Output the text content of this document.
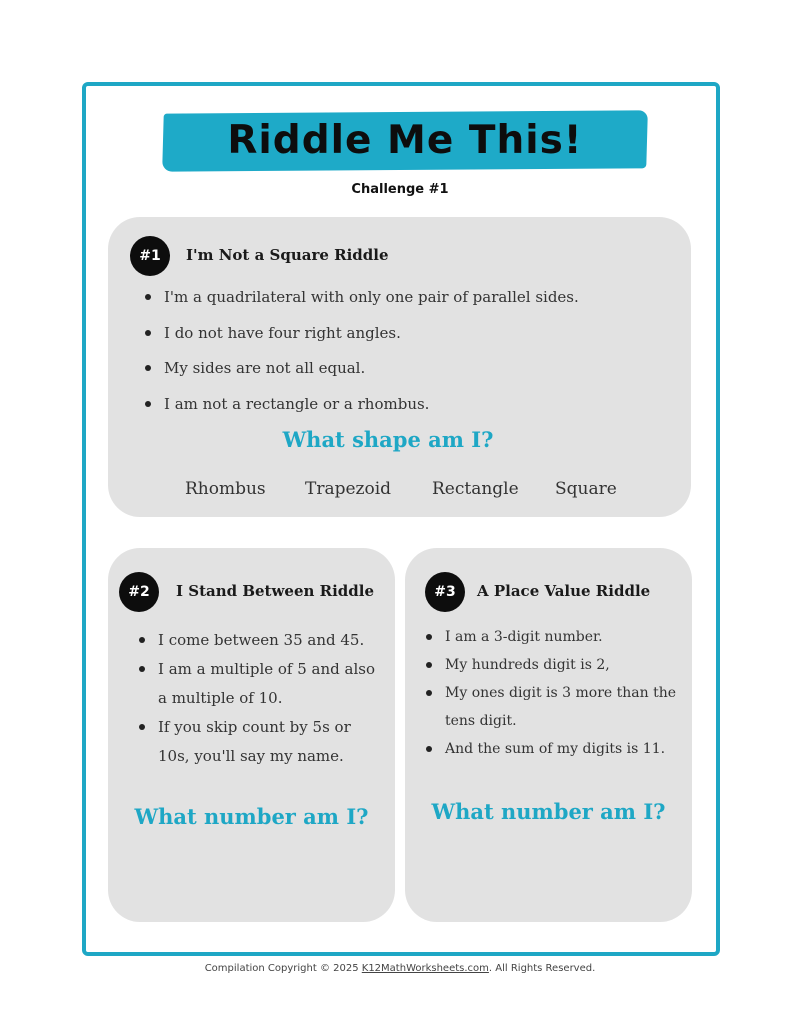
Riddle Me This!
Challenge #1
#1	I'm Not a Square Riddle
I'm a quadrilateral with only one pair of parallel sides.
I do not have four right angles.
My sides are not all equal.
I am not a rectangle or a rhombus.
What shape am I?
Rhombus Trapezoid Rectangle Square
#2	I Stand Between Riddle
I come between 35 and 45.
I am a multiple of 5 and also a multiple of 10.
If you skip count by 5s or 10s, you'll say my name.
What number am I?
#3	A Place Value Riddle
I am a 3-digit number.
My hundreds digit is 2,
My ones digit is 3 more than the tens digit.
And the sum of my digits is 11.
What number am I?
Compilation Copyright © 2025 K12MathWorksheets.com. All Rights Reserved.
